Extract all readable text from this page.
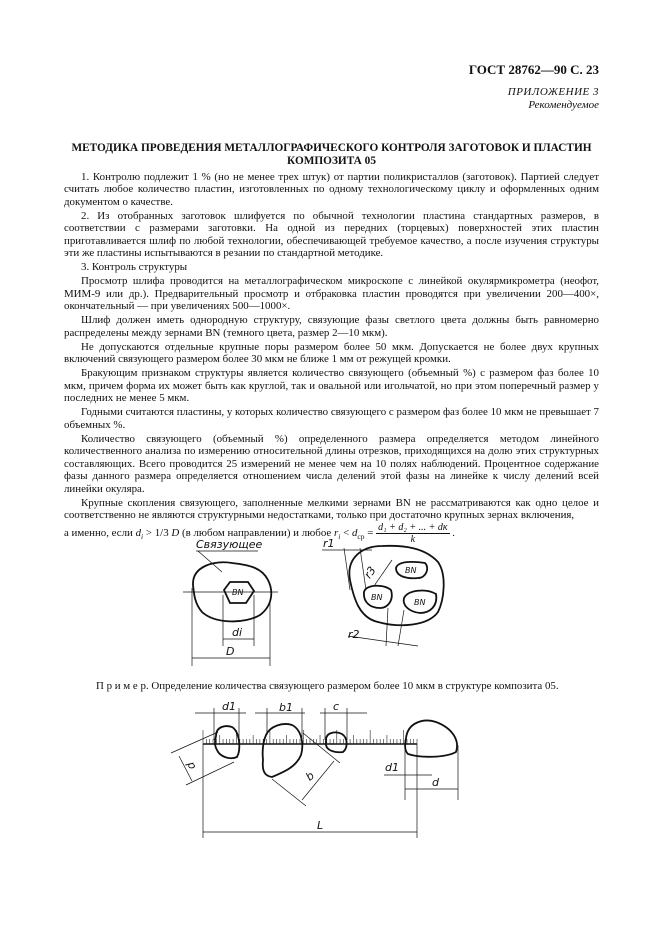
ГОСТ 28762—90 С. 23
ПРИЛОЖЕНИЕ 3
Рекомендуемое
МЕТОДИКА ПРОВЕДЕНИЯ МЕТАЛЛОГРАФИЧЕСКОГО КОНТРОЛЯ ЗАГОТОВОК И ПЛАСТИН
КОМПОЗИТА 05

1. Контролю подлежит 1 % (но не менее трех штук) от партии поликристаллов (заготовок). Партией следует считать любое количество пластин, изготовленных по одному технологическому циклу и оформленных одним документом о качестве.

2. Из отобранных заготовок шлифуется по обычной технологии пластина стандартных размеров, в соответствии с размерами заготовки. На одной из передних (торцевых) поверхностей этих пластин приготавливается шлиф по любой технологии, обеспечивающей требуемое качество, а после изучения структуры эти же пластины испытываются в резании по стандартной методике.

3. Контроль структуры

Просмотр шлифа проводится на металлографическом микроскопе с линейкой окулярмикрометра (неофот, МИМ-9 или др.). Предварительный просмотр и отбраковка пластин проводятся при увеличении 200—400×, окончательный — при увеличениях 500—1000×.

Шлиф должен иметь однородную структуру, связующие фазы светлого цвета должны быть равномерно распределены между зернами BN (темного цвета, размер 2—10 мкм).

Не допускаются отдельные крупные поры размером более 50 мкм. Допускается не более двух крупных включений связующего размером более 30 мкм не ближе 1 мм от режущей кромки.

Бракующим признаком структуры является количество связующего (объемный %) с размером фаз более 10 мкм, причем форма их может быть как круглой, так и овальной или игольчатой, но при этом поперечный размер у последних не менее 5 мкм.

Годными считаются пластины, у которых количество связующего с размером фаз более 10 мкм не превышает 7 объемных %.

Количество связующего (объемный %) определенного размера определяется методом линейного количественного анализа по измерению относительной длины отрезков, приходящихся на долю этих структурных составляющих. Всего проводится 25 измерений не менее чем на 10 полях наблюдений. Процентное содержание фазы данного размера определяется отношением числа делений этой фазы на линейке к числу делений всей линейки окуляра.

Крупные скопления связующего, заполненные мелкими зернами BN не рассматриваются как одно целое и соответственно не являются структурными недостатками, только при достаточно крупных зернах включения,

а именно, если $d_i > 1/3$ D (в любом направлении) и любое $r_i < d_{ср} = \frac{\text{d₁ + d₂ + ... + dк}}{k}$ .
Связующее
BN
di
D
BN
BN
BN
r1
r3
r2
d1	b1	c
d
b
d1
d
L
П р и м е р. Определение количества связующего размером более 10 мкм в структуре композита 05.
